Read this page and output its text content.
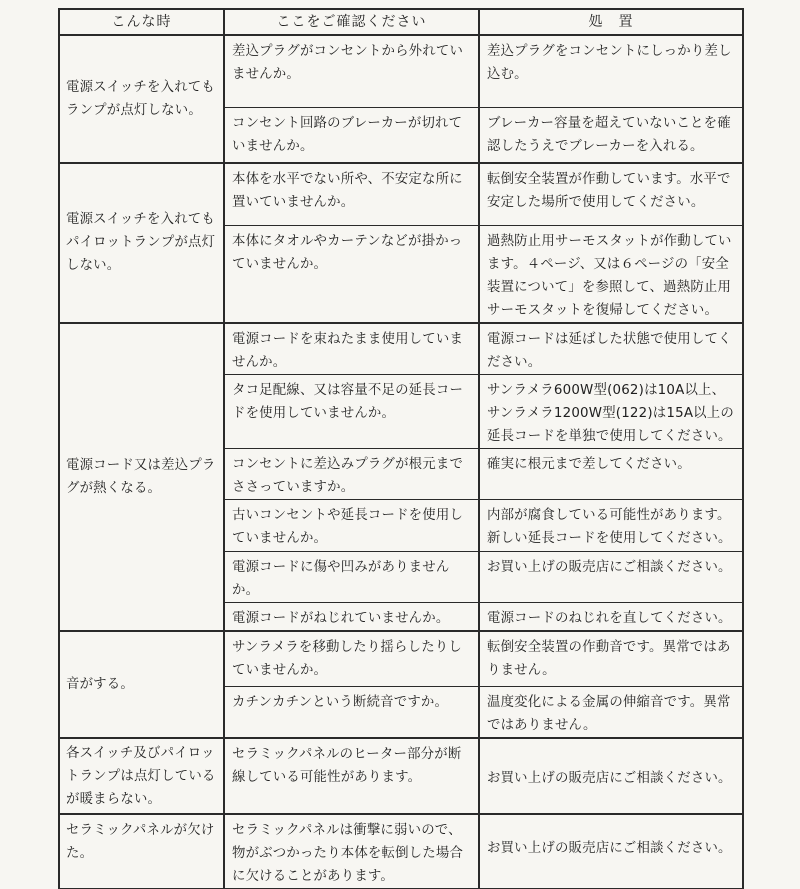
こんな時	ここをご確認ください	処　置
電源スイッチを入れてもランプが点灯しない。	差込プラグがコンセントから外れていませんか。	差込プラグをコンセントにしっかり差し込む。
	コンセント回路のブレーカーが切れていませんか。	ブレーカー容量を超えていないことを確認したうえでブレーカーを入れる。
電源スイッチを入れてもパイロットランプが点灯しない。	本体を水平でない所や、不安定な所に置いていませんか。	転倒安全装置が作動しています。水平で安定した場所で使用してください。
	本体にタオルやカーテンなどが掛かっていませんか。	過熱防止用サーモスタットが作動しています。４ページ、又は６ページの「安全装置について」を参照して、過熱防止用サーモスタットを復帰してください。
電源コード又は差込プラグが熱くなる。	電源コードを束ねたまま使用していませんか。	電源コードは延ばした状態で使用してください。
	タコ足配線、又は容量不足の延長コードを使用していませんか。	サンラメラ600W型(062)は10A以上、サンラメラ1200W型(122)は15A以上の延長コードを単独で使用してください。
	コンセントに差込みプラグが根元までささっていますか。	確実に根元まで差してください。
	古いコンセントや延長コードを使用していませんか。	内部が腐食している可能性があります。新しい延長コードを使用してください。
	電源コードに傷や凹みがありませんか。	お買い上げの販売店にご相談ください。
	電源コードがねじれていませんか。	電源コードのねじれを直してください。
音がする。	サンラメラを移動したり揺らしたりしていませんか。	転倒安全装置の作動音です。異常ではありません。
	カチンカチンという断続音ですか。	温度変化による金属の伸縮音です。異常ではありません。
各スイッチ及びパイロットランプは点灯しているが暖まらない。	セラミックパネルのヒーター部分が断線している可能性があります。	お買い上げの販売店にご相談ください。
セラミックパネルが欠けた。	セラミックパネルは衝撃に弱いので、物がぶつかったり本体を転倒した場合に欠けることがあります。	お買い上げの販売店にご相談ください。
